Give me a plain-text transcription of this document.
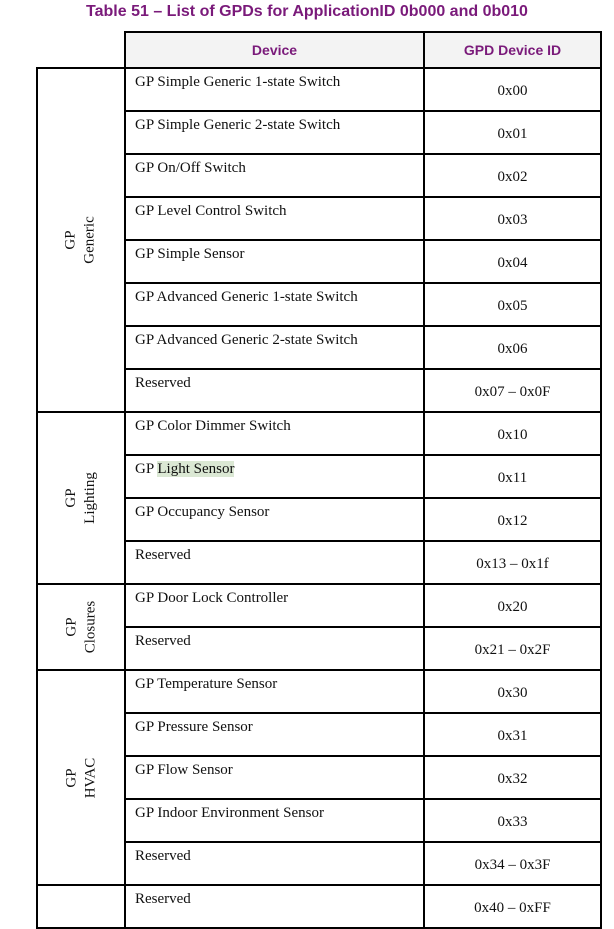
Table 51 – List of GPDs for ApplicationID 0b000 and 0b010
	Device	GPD Device ID

GP Generic	GP Simple Generic 1-state Switch	0x00
	GP Simple Generic 2-state Switch	0x01
	GP On/Off Switch	0x02
	GP Level Control Switch	0x03
	GP Simple Sensor	0x04
	GP Advanced Generic 1-state Switch	0x05
	GP Advanced Generic 2-state Switch	0x06
	Reserved	0x07 – 0x0F

GP Lighting	GP Color Dimmer Switch	0x10
	GP Light Sensor	0x11
	GP Occupancy Sensor	0x12
	Reserved	0x13 – 0x1f

GP Closures	GP Door Lock Controller	0x20
	Reserved	0x21 – 0x2F

GP HVAC	GP Temperature Sensor	0x30
	GP Pressure Sensor	0x31
	GP Flow Sensor	0x32
	GP Indoor Environment Sensor	0x33
	Reserved	0x34 – 0x3F
	Reserved	0x40 – 0xFF
